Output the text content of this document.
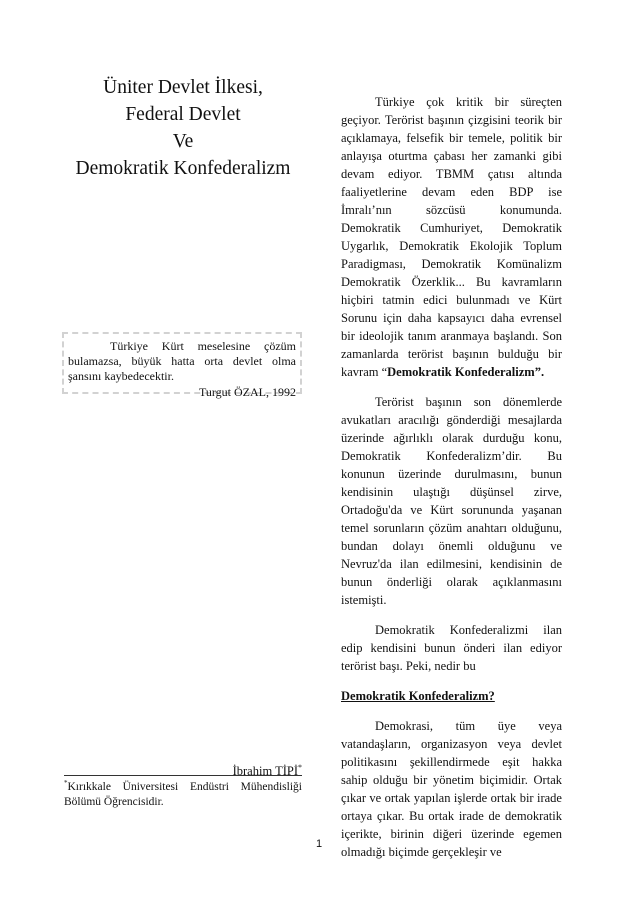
Üniter Devlet İlkesi,
Federal Devlet
Ve
Demokratik Konfederalizm

Türkiye Kürt meselesine çözüm bulamazsa, büyük hatta orta devlet olma şansını kaybedecektir.

Turgut ÖZAL, 1992
İbrahim TİPİ*
*Kırıkkale Üniversitesi Endüstri Mühendisliği Bölümü Öğrencisidir.

Türkiye çok kritik bir süreçten geçiyor. Terörist başının çizgisini teorik bir açıklamaya, felsefik bir temele, politik bir anlayışa oturtma çabası her zamanki gibi devam ediyor. TBMM çatısı altında faaliyetlerine devam eden BDP ise İmralı’nın sözcüsü konumunda. Demokratik Cumhuriyet, Demokratik Uygarlık, Demokratik Ekolojik Toplum Paradigması, Demokratik Komünalizm Demokratik Özerklik... Bu kavramların hiçbiri tatmin edici bulunmadı ve Kürt Sorunu için daha kapsayıcı daha evrensel bir ideolojik tanım aranmaya başlandı. Son zamanlarda terörist başının bulduğu bir kavram “Demokratik Konfederalizm”.

Terörist başının son dönemlerde avukatları aracılığı gönderdiği mesajlarda üzerinde ağırlıklı olarak durduğu konu, Demokratik Konfederalizm’dir. Bu konunun üzerinde durulmasını, bunun kendisinin ulaştığı düşünsel zirve, Ortadoğu'da ve Kürt sorununda yaşanan temel sorunların çözüm anahtarı olduğunu, bundan dolayı önemli olduğunu ve Nevruz'da ilan edilmesini, kendisinin de bunun önderliği olarak açıklanmasını istemişti.

Demokratik Konfederalizmi ilan edip kendisini bunun önderi ilan ediyor terörist başı. Peki, nedir bu

Demokratik Konfederalizm?

Demokrasi, tüm üye veya vatandaşların, organizasyon veya devlet politikasını şekillendirmede eşit hakka sahip olduğu bir yönetim biçimidir. Ortak çıkar ve ortak yapılan işlerde ortak bir irade ortaya çıkar. Bu ortak irade de demokratik içerikte, birinin diğeri üzerinde egemen olmadığı biçimde gerçekleşir ve

1
